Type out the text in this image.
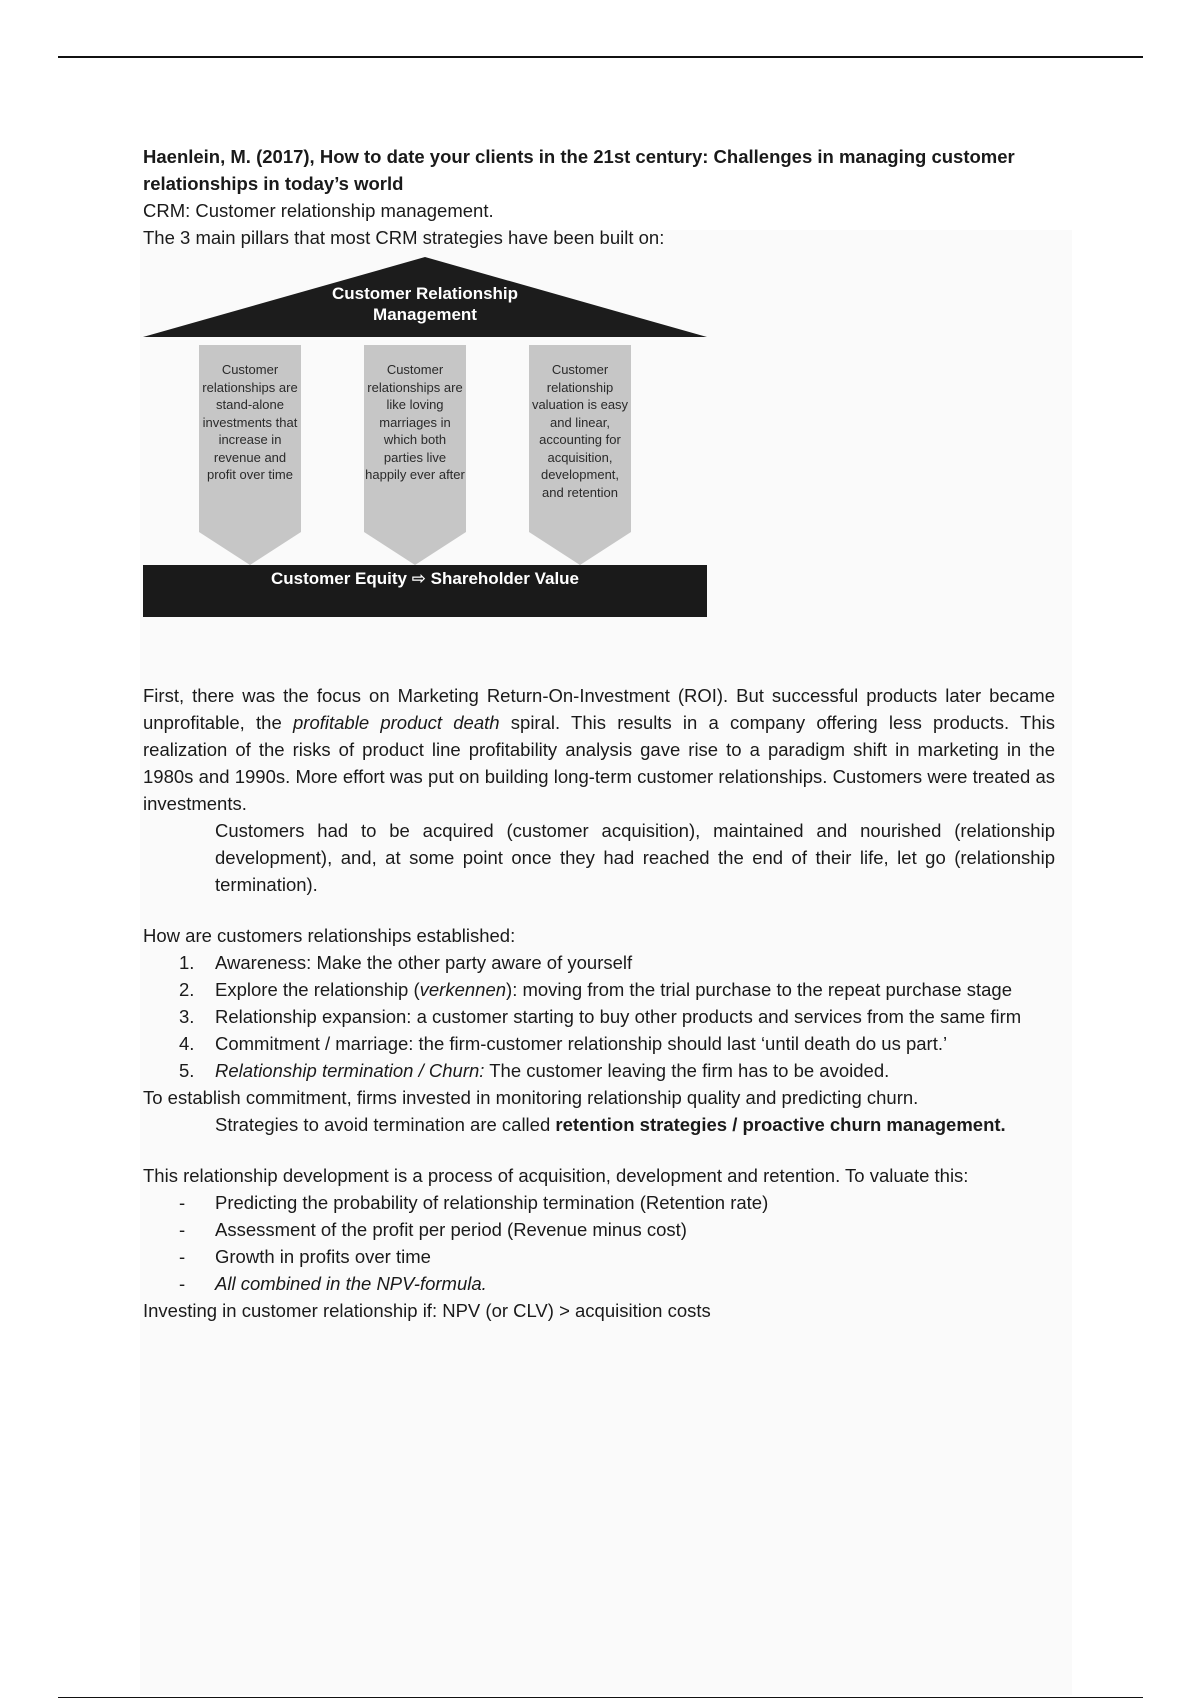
Haenlein, M. (2017), How to date your clients in the 21st century: Challenges in managing customer relationships in today’s world

CRM: Customer relationship management.

The 3 main pillars that most CRM strategies have been built on:

Customer Relationship
Management
Customer relationships are stand-alone investments that increase in revenue and profit over time
Customer relationships are like loving marriages in which both parties live happily ever after
Customer relationship valuation is easy and linear, accounting for acquisition, development, and retention
Customer Equity ⇨ Shareholder Value

First, there was the focus on Marketing Return-On-Investment (ROI). But successful products later became unprofitable, the profitable product death spiral. This results in a company offering less products. This realization of the risks of product line profitability analysis gave rise to a paradigm shift in marketing in the 1980s and 1990s. More effort was put on building long-term customer relationships. Customers were treated as investments.

Customers had to be acquired (customer acquisition), maintained and nourished (relationship development), and, at some point once they had reached the end of their life, let go (relationship termination).

How are customers relationships established:

1. Awareness: Make the other party aware of yourself
2. Explore the relationship (verkennen): moving from the trial purchase to the repeat purchase stage
3. Relationship expansion: a customer starting to buy other products and services from the same firm
4. Commitment / marriage: the firm-customer relationship should last ‘until death do us part.’
5. Relationship termination / Churn: The customer leaving the firm has to be avoided.

To establish commitment, firms invested in monitoring relationship quality and predicting churn.

Strategies to avoid termination are called retention strategies / proactive churn management.

This relationship development is a process of acquisition, development and retention. To valuate this:

- Predicting the probability of relationship termination (Retention rate)
- Assessment of the profit per period (Revenue minus cost)
- Growth in profits over time
- All combined in the NPV-formula.

Investing in customer relationship if: NPV (or CLV) > acquisition costs
